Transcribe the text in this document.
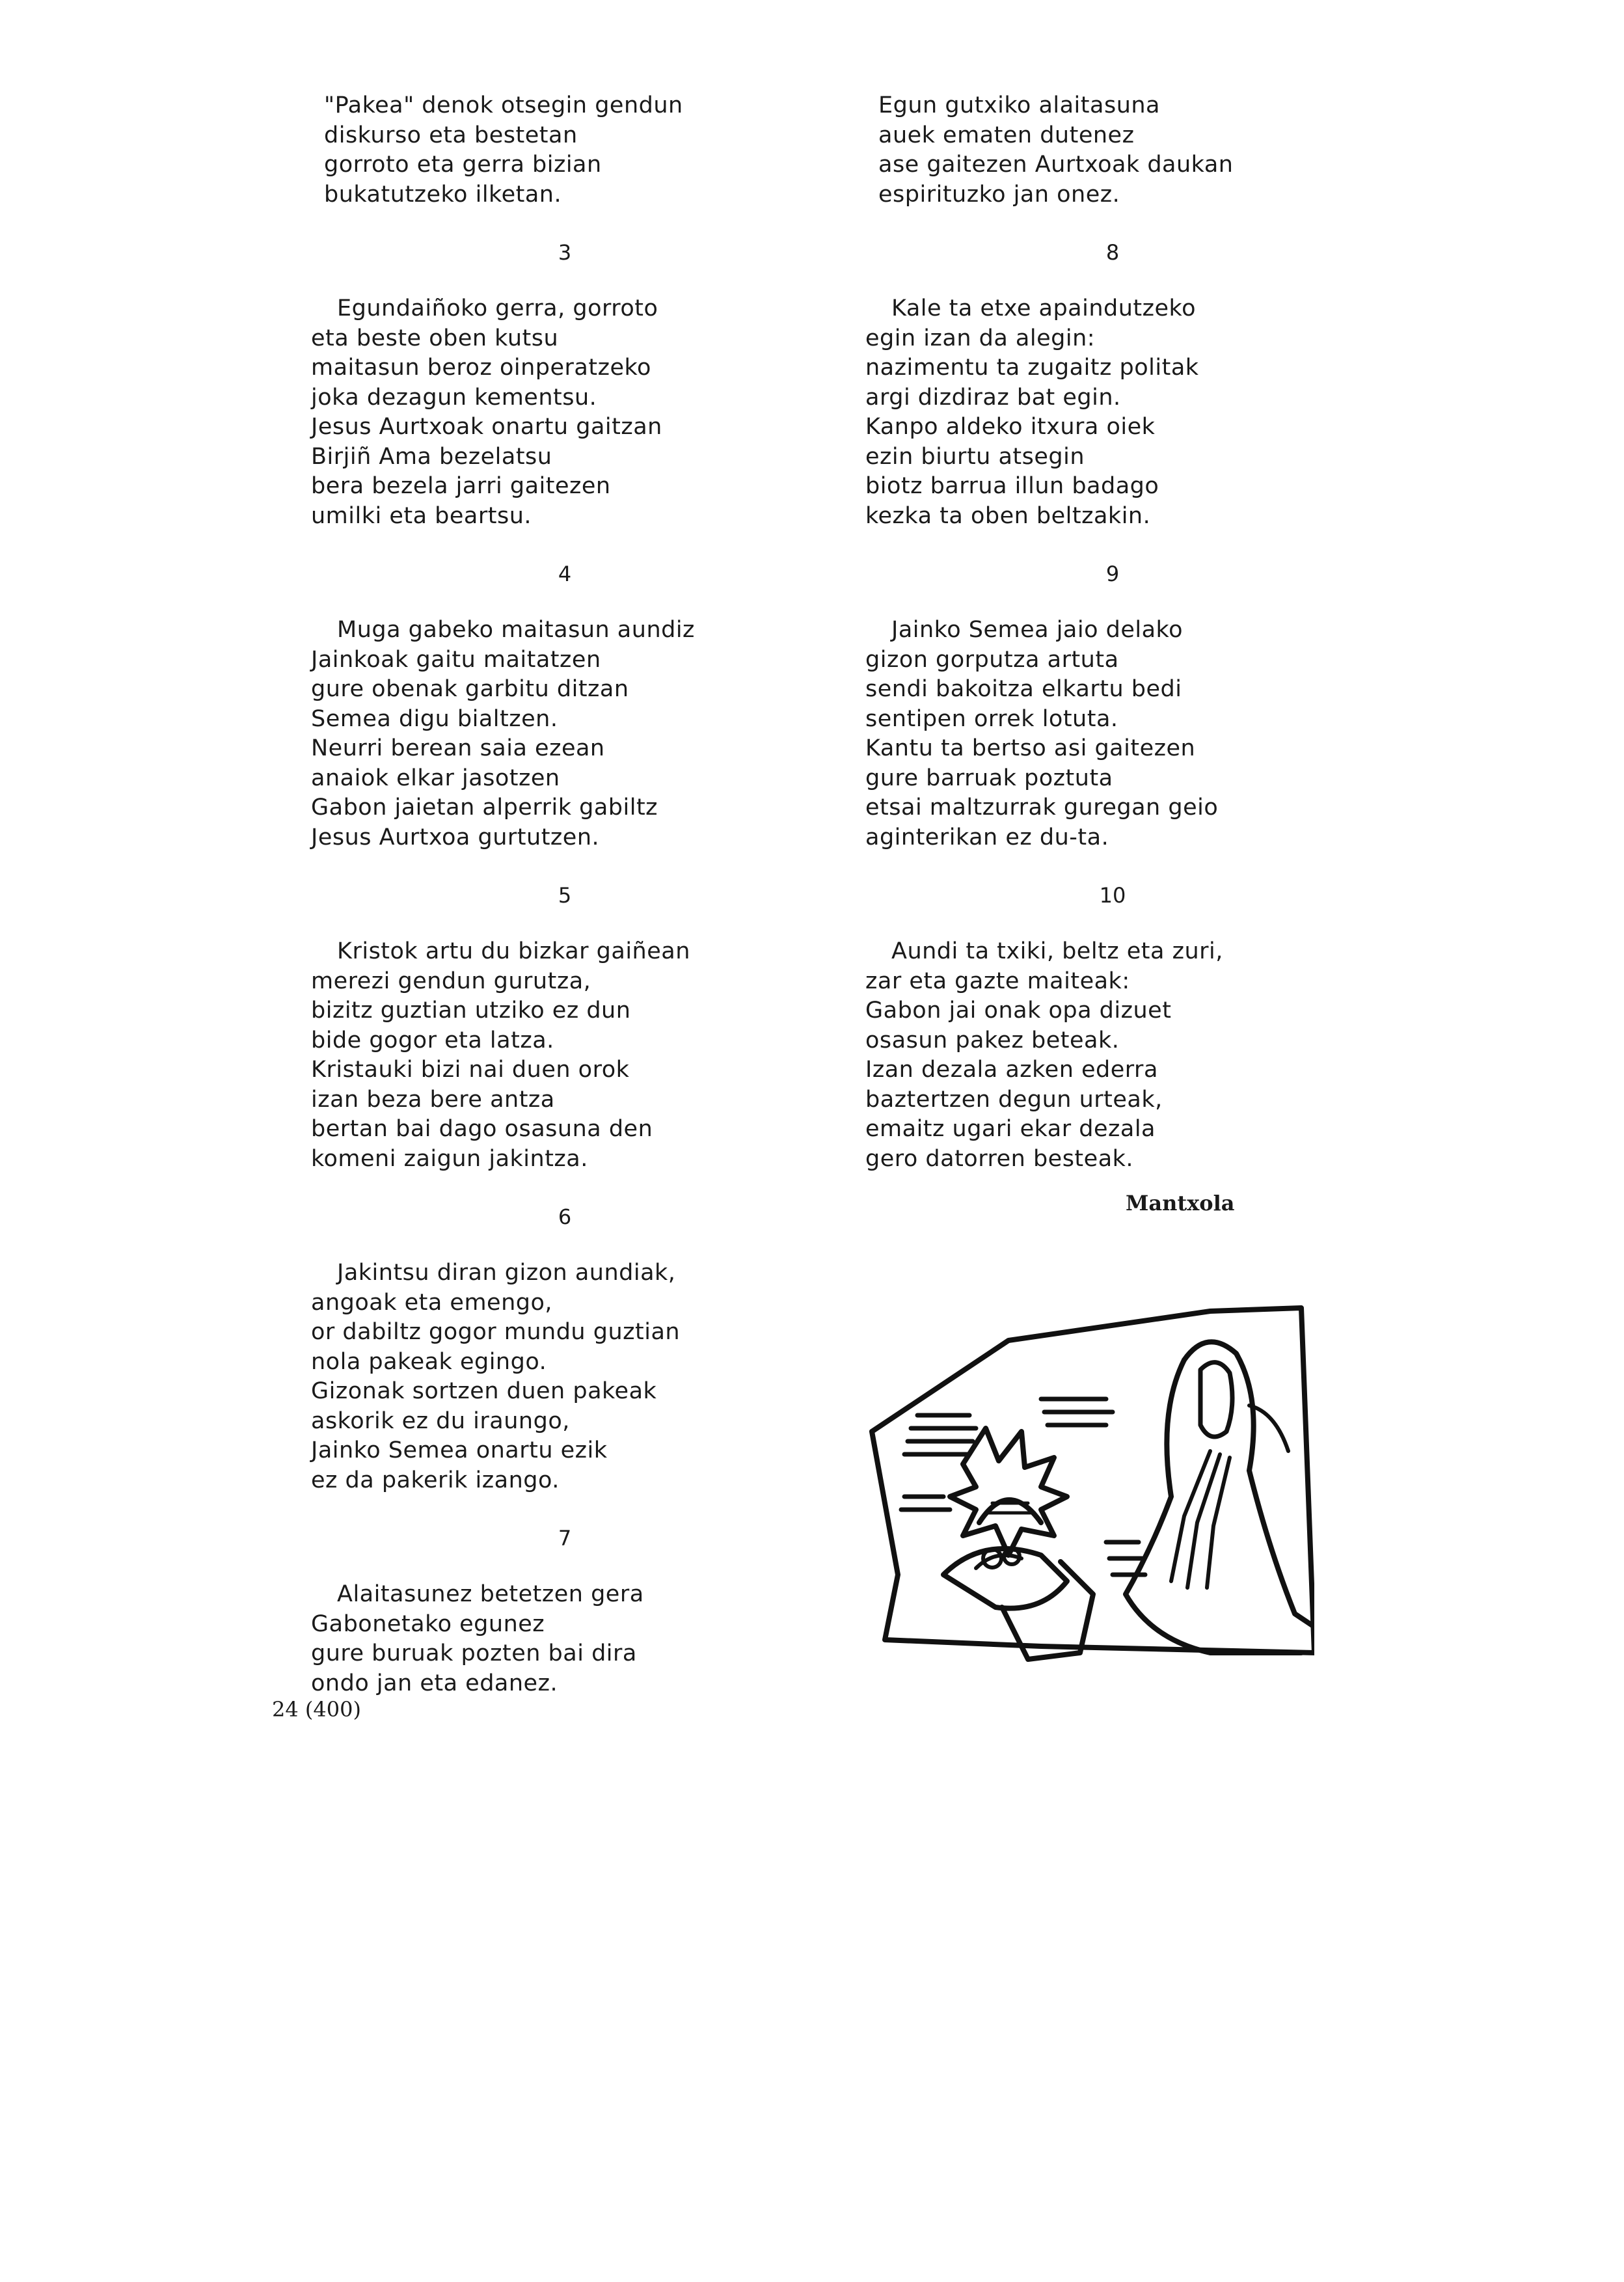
"Pakea" denok otsegin gendun
diskurso eta bestetan
gorroto eta gerra bizian
bukatutzeko ilketan.
3
Egundaiñoko gerra, gorroto
eta beste oben kutsu
maitasun beroz oinperatzeko
joka dezagun kementsu.
Jesus Aurtxoak onartu gaitzan
Birjiñ Ama bezelatsu
bera bezela jarri gaitezen
umilki eta beartsu.
4
Muga gabeko maitasun aundiz
Jainkoak gaitu maitatzen
gure obenak garbitu ditzan
Semea digu bialtzen.
Neurri berean saia ezean
anaiok elkar jasotzen
Gabon jaietan alperrik gabiltz
Jesus Aurtxoa gurtutzen.
5
Kristok artu du bizkar gaiñean
merezi gendun gurutza,
bizitz guztian utziko ez dun
bide gogor eta latza.
Kristauki bizi nai duen orok
izan beza bere antza
bertan bai dago osasuna den
komeni zaigun jakintza.
6
Jakintsu diran gizon aundiak,
angoak eta emengo,
or dabiltz gogor mundu guztian
nola pakeak egingo.
Gizonak sortzen duen pakeak
askorik ez du iraungo,
Jainko Semea onartu ezik
ez da pakerik izango.
7
Alaitasunez betetzen gera
Gabonetako egunez
gure buruak pozten bai dira
ondo jan eta edanez.
Egun gutxiko alaitasuna
auek ematen dutenez
ase gaitezen Aurtxoak daukan
espirituzko jan onez.
8
Kale ta etxe apaindutzeko
egin izan da alegin:
nazimentu ta zugaitz politak
argi dizdiraz bat egin.
Kanpo aldeko itxura oiek
ezin biurtu atsegin
biotz barrua illun badago
kezka ta oben beltzakin.
9
Jainko Semea jaio delako
gizon gorputza artuta
sendi bakoitza elkartu bedi
sentipen orrek lotuta.
Kantu ta bertso asi gaitezen
gure barruak poztuta
etsai maltzurrak guregan geio
aginterikan ez du-ta.
10
Aundi ta txiki, beltz eta zuri,
zar eta gazte maiteak:
Gabon jai onak opa dizuet
osasun pakez beteak.
Izan dezala azken ederra
baztertzen degun urteak,
emaitz ugari ekar dezala
gero datorren besteak.
Mantxola
24 (400)
